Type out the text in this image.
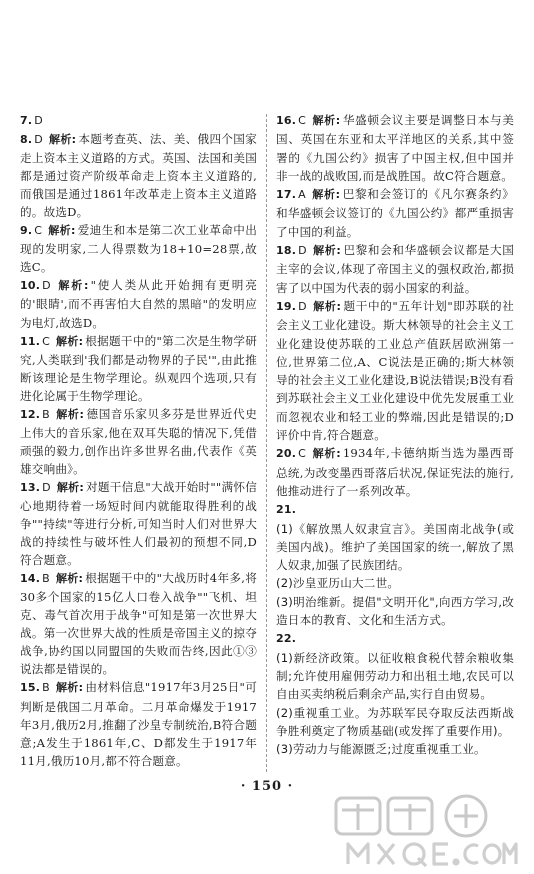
7. D

8. D 解析: 本题考查英、法、美、俄四个国家走上资本主义道路的方式。英国、法国和美国都是通过资产阶级革命走上资本主义道路的,而俄国是通过1861年改革走上资本主义道路的。故选D。

9. C 解析: 爱迪生和本是第二次工业革命中出现的发明家,二人得票数为18+10=28票,故选C。

10. D 解析: "使人类从此开始拥有更明亮的'眼睛',而不再害怕大自然的黑暗"的发明应为电灯,故选D。

11. C 解析: 根据题干中的"第二次是生物学研究,人类联到'我们都是动物界的子民'",由此推断该理论是生物学理论。纵观四个选项,只有进化论属于生物学理论。

12. B 解析: 德国音乐家贝多芬是世界近代史上伟大的音乐家,他在双耳失聪的情况下,凭借顽强的毅力,创作出许多世界名曲,代表作《英雄交响曲》。

13. D 解析: 对题干信息"大战开始时""满怀信心地期待着一场短时间内就能取得胜利的战争""持续"等进行分析,可知当时人们对世界大战的持续性与破坏性人们最初的预想不同,D符合题意。

14. B 解析: 根据题干中的"大战历时4年多,将30多个国家的15亿人口卷入战争""飞机、坦克、毒气首次用于战争"可知是第一次世界大战。第一次世界大战的性质是帝国主义的掠夺战争,协约国以同盟国的失败而告终,因此①③说法都是错误的。

15. B 解析: 由材料信息"1917年3月25日"可判断是俄国二月革命。二月革命爆发于1917年3月,俄历2月,推翻了沙皇专制统治,B符合题意;A发生于1861年,C、D都发生于1917年11月,俄历10月,都不符合题意。

16. C 解析: 华盛顿会议主要是调整日本与美国、英国在东亚和太平洋地区的关系,其中签署的《九国公约》损害了中国主权,但中国并非一战的战败国,而是战胜国。故C符合题意。

17. A 解析: 巴黎和会签订的《凡尔赛条约》和华盛顿会议签订的《九国公约》都严重损害了中国的利益。

18. D 解析: 巴黎和会和华盛顿会议都是大国主宰的会议,体现了帝国主义的强权政治,都损害了以中国为代表的弱小国家的利益。

19. D 解析: 题干中的"五年计划"即苏联的社会主义工业化建设。斯大林领导的社会主义工业化建设使苏联的工业总产值跃居欧洲第一位,世界第二位,A、C说法是正确的;斯大林领导的社会主义工业化建设,B说法错误;B没有看到苏联社会主义工业化建设中优先发展重工业而忽视农业和轻工业的弊端,因此是错误的;D评价中肯,符合题意。

20. C 解析: 1934年,卡德纳斯当选为墨西哥总统,为改变墨西哥落后状况,保证宪法的施行,他推动进行了一系列改革。

21.
(1)《解放黑人奴隶宣言》。美国南北战争(或美国内战)。维护了美国国家的统一,解放了黑人奴隶,加强了民族团结。
(2)沙皇亚历山大二世。
(3)明治维新。提倡"文明开化",向西方学习,改造日本的教育、文化和生活方式。

22.
(1)新经济政策。以征收粮食税代替余粮收集制;允许使用雇佣劳动力和出租土地,农民可以自由买卖纳税后剩余产品,实行自由贸易。
(2)重视重工业。为苏联军民夺取反法西斯战争胜利奠定了物质基础(或发挥了重要作用)。
(3)劳动力与能源匮乏;过度重视重工业。

· 150 ·
